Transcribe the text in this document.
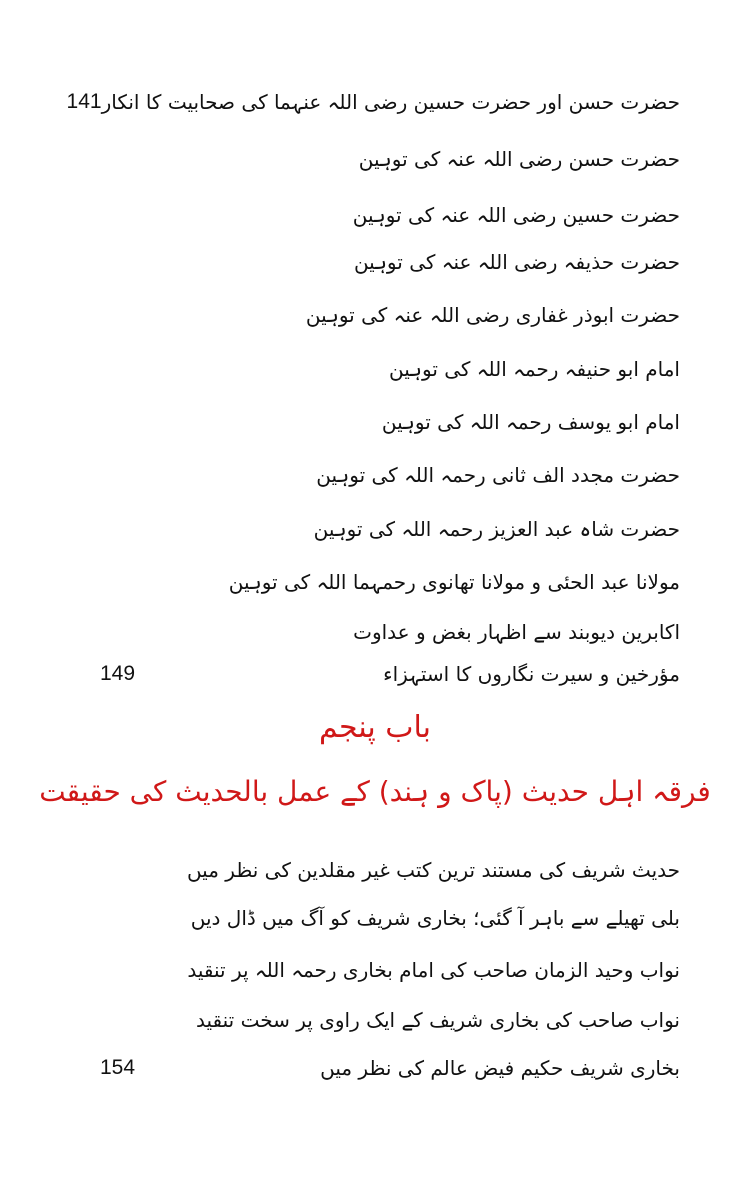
حضرت حسن اور حضرت حسین رضی اللہ عنہما کی صحابیت کا انکار
141
حضرت حسن رضی اللہ عنہ کی توہین
حضرت حسین رضی اللہ عنہ کی توہین
حضرت حذیفہ رضی اللہ عنہ کی توہین
حضرت ابوذر غفاری رضی اللہ عنہ کی توہین
امام ابو حنیفہ رحمہ اللہ کی توہین
امام ابو یوسف رحمہ اللہ کی توہین
حضرت مجدد الف ثانی رحمہ اللہ کی توہین
حضرت شاہ عبد العزیز رحمہ اللہ کی توہین
مولانا عبد الحئی و مولانا تھانوی رحمہما اللہ کی توہین
اکابرین دیوبند سے اظہار بغض و عداوت
مؤرخین و سیرت نگاروں کا استہزاء
149
باب پنجم
فرقہ اہل حدیث (پاک و ہند) کے عمل بالحدیث کی حقیقت
حدیث شریف کی مستند ترین کتب غیر مقلدین کی نظر میں
بلی تھیلے سے باہر آ گئی؛ بخاری شریف کو آگ میں ڈال دیں
نواب وحید الزمان صاحب کی امام بخاری رحمہ اللہ پر تنقید
نواب صاحب کی بخاری شریف کے ایک راوی پر سخت تنقید
بخاری شریف حکیم فیض عالم کی نظر میں
154
